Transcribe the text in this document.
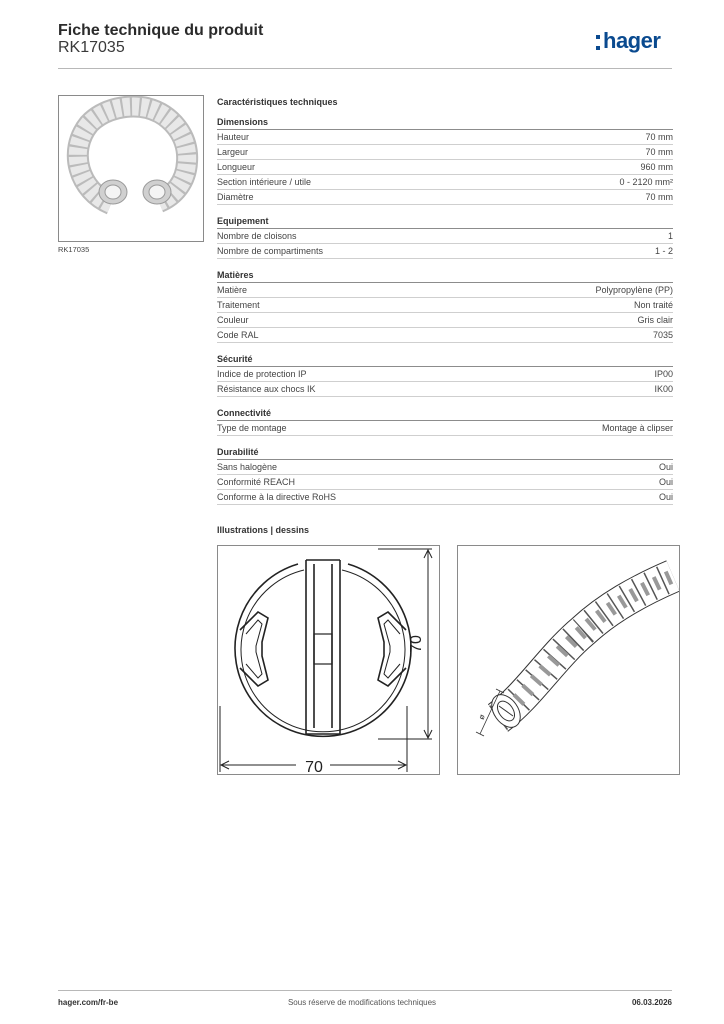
Fiche technique du produit
RK17035	hager
RK17035
Caractéristiques techniques
Dimensions
Hauteur	70 mm
Largeur	70 mm
Longueur	960 mm
Section intérieure / utile	0 - 2120 mm²
Diamètre	70 mm
Equipement
Nombre de cloisons	1
Nombre de compartiments	1 - 2
Matières
Matière	Polypropylène (PP)
Traitement	Non traité
Couleur	Gris clair
Code RAL	7035
Sécurité
Indice de protection IP	IP00
Résistance aux chocs IK	IK00
Connectivité
Type de montage	Montage à clipser
Durabilité
Sans halogène	Oui
Conformité REACH	Oui
Conforme à la directive RoHS	Oui
Illustrations | dessins
70
70
ø
hager.com/fr-be	Sous réserve de modifications techniques	06.03.2026
